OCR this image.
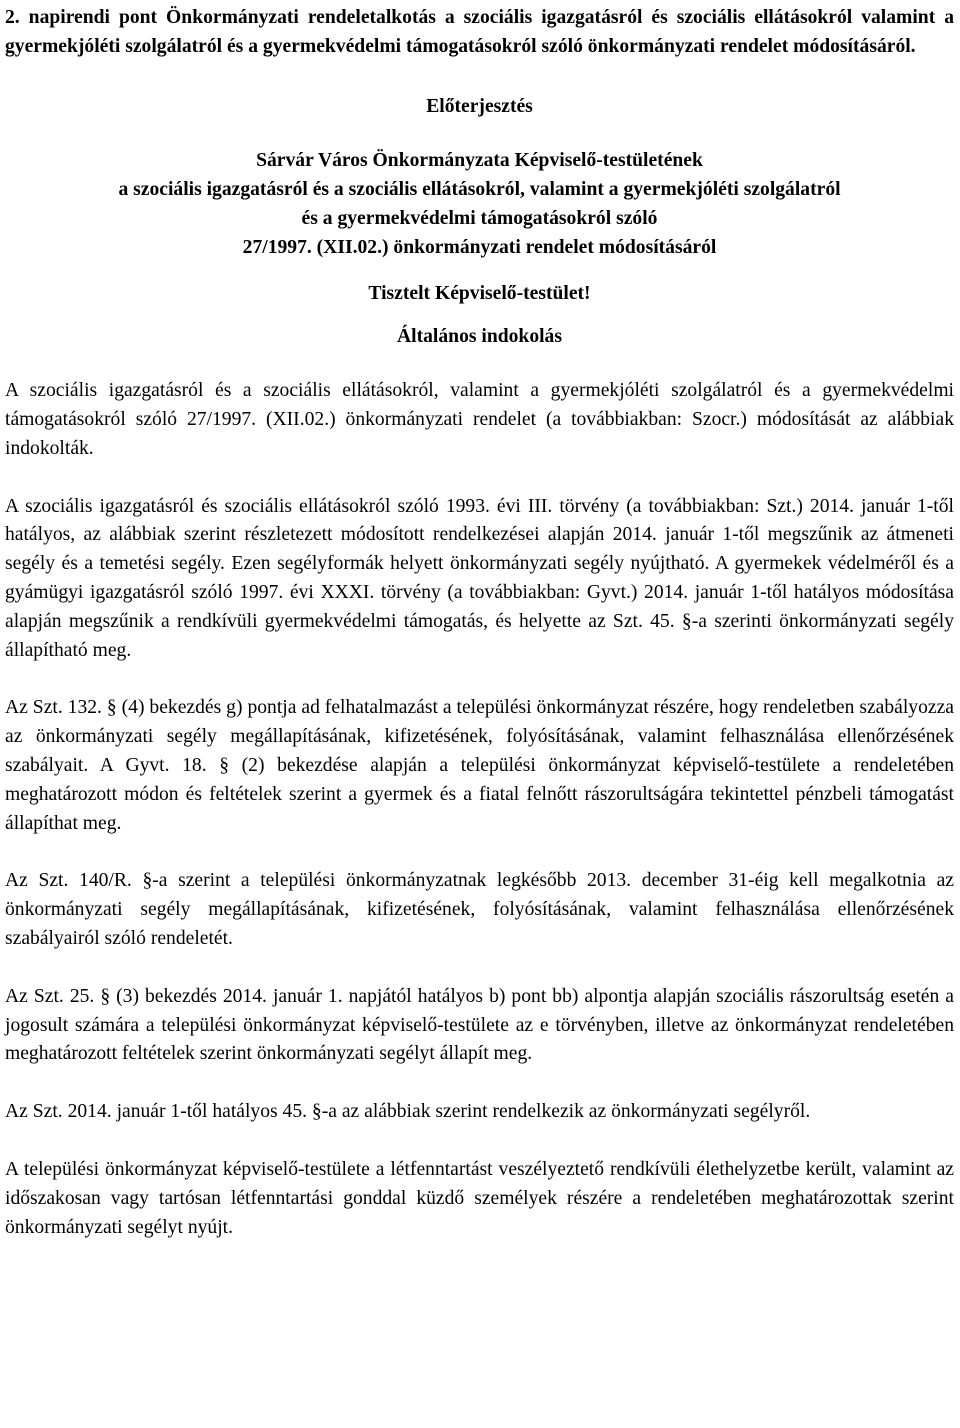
2. napirendi pont Önkormányzati rendeletalkotás a szociális igazgatásról és szociális ellátásokról valamint a gyermekjóléti szolgálatról és a gyermekvédelmi támogatásokról szóló önkormányzati rendelet módosításáról.
Előterjesztés
Sárvár Város Önkormányzata Képviselő-testületének
a szociális igazgatásról és a szociális ellátásokról, valamint a gyermekjóléti szolgálatról
és a gyermekvédelmi támogatásokról szóló
27/1997. (XII.02.) önkormányzati rendelet módosításáról
Tisztelt Képviselő-testület!
Általános indokolás

A szociális igazgatásról és a szociális ellátásokról, valamint a gyermekjóléti szolgálatról és a gyermekvédelmi támogatásokról szóló 27/1997. (XII.02.) önkormányzati rendelet (a továbbiakban: Szocr.) módosítását az alábbiak indokolták.

A szociális igazgatásról és szociális ellátásokról szóló 1993. évi III. törvény (a továbbiakban: Szt.) 2014. január 1-től hatályos, az alábbiak szerint részletezett módosított rendelkezései alapján 2014. január 1-től megszűnik az átmeneti segély és a temetési segély. Ezen segélyformák helyett önkormányzati segély nyújtható. A gyermekek védelméről és a gyámügyi igazgatásról szóló 1997. évi XXXI. törvény (a továbbiakban: Gyvt.) 2014. január 1-től hatályos módosítása alapján megszűnik a rendkívüli gyermekvédelmi támogatás, és helyette az Szt. 45. §-a szerinti önkormányzati segély állapítható meg.

Az Szt. 132. § (4) bekezdés g) pontja ad felhatalmazást a települési önkormányzat részére, hogy rendeletben szabályozza az önkormányzati segély megállapításának, kifizetésének, folyósításának, valamint felhasználása ellenőrzésének szabályait. A Gyvt. 18. § (2) bekezdése alapján a települési önkormányzat képviselő-testülete a rendeletében meghatározott módon és feltételek szerint a gyermek és a fiatal felnőtt rászorultságára tekintettel pénzbeli támogatást állapíthat meg.

Az Szt. 140/R. §-a szerint a települési önkormányzatnak legkésőbb 2013. december 31-éig kell megalkotnia az önkormányzati segély megállapításának, kifizetésének, folyósításának, valamint felhasználása ellenőrzésének szabályairól szóló rendeletét.

Az Szt. 25. § (3) bekezdés 2014. január 1. napjától hatályos b) pont bb) alpontja alapján szociális rászorultság esetén a jogosult számára a települési önkormányzat képviselő-testülete az e törvényben, illetve az önkormányzat rendeletében meghatározott feltételek szerint önkormányzati segélyt állapít meg.

Az Szt. 2014. január 1-től hatályos 45. §-a az alábbiak szerint rendelkezik az önkormányzati segélyről.

A települési önkormányzat képviselő-testülete a létfenntartást veszélyeztető rendkívüli élethelyzetbe került, valamint az időszakosan vagy tartósan létfenntartási gonddal küzdő személyek részére a rendeletében meghatározottak szerint önkormányzati segélyt nyújt.
